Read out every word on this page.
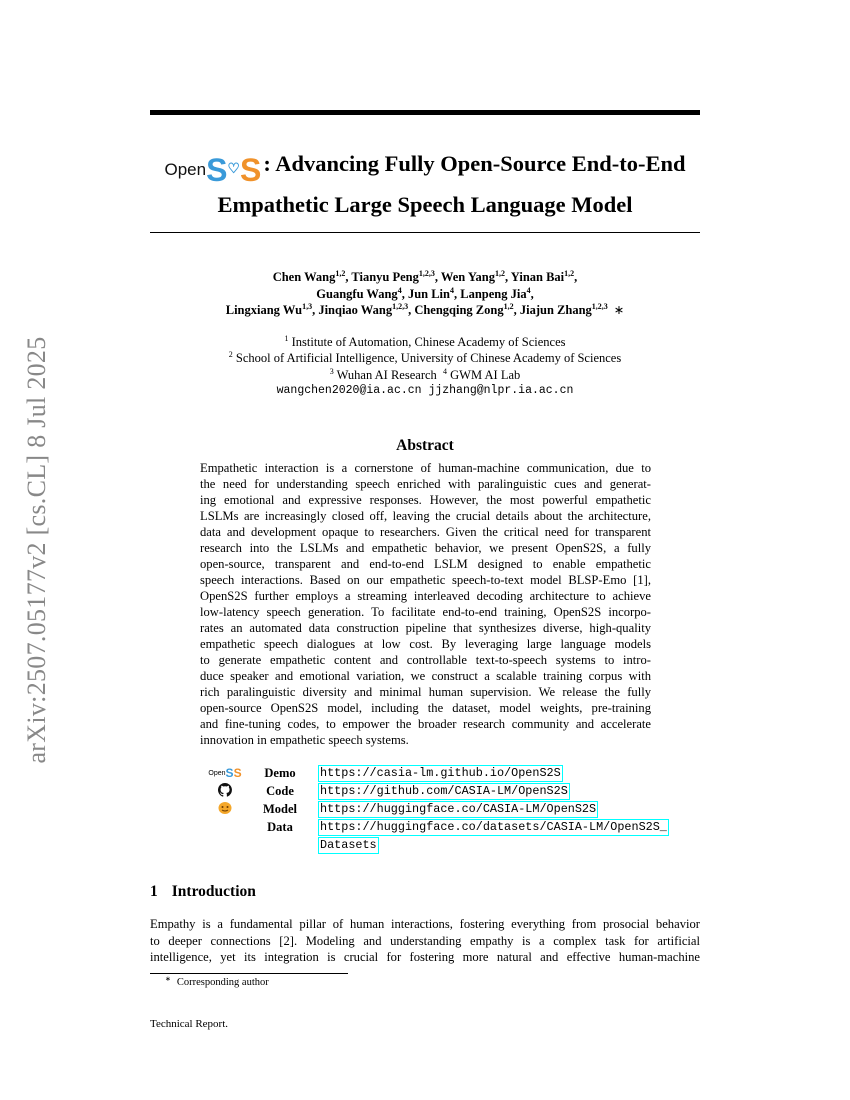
arXiv:2507.05177v2 [cs.CL] 8 Jul 2025
Open S ♡ S : Advancing Fully Open-Source End-to-End
Empathetic Large Speech Language Model
Chen Wang$^{1,2}$, Tianyu Peng$^{1,2,3}$, Wen Yang$^{1,2}$, Yinan Bai$^{1,2}$,
Guangfu Wang$^4$, Jun Lin$^4$, Lanpeng Jia$^4$,
Lingxiang Wu$^{1,3}$, Jinqiao Wang$^{1,2,3}$, Chengqing Zong$^{1,2}$, Jiajun Zhang$^{1,2,3}$ ∗
$^1$ Institute of Automation, Chinese Academy of Sciences
$^2$ School of Artificial Intelligence, University of Chinese Academy of Sciences
$^3$ Wuhan AI Research $^4$ GWM AI Lab
wangchen2020@ia.ac.cn jjzhang@nlpr.ia.ac.cn
Abstract
Empathetic interaction is a cornerstone of human-machine communication, due to
the need for understanding speech enriched with paralinguistic cues and generat-
ing emotional and expressive responses. However, the most powerful empathetic
LSLMs are increasingly closed off, leaving the crucial details about the architecture,
data and development opaque to researchers. Given the critical need for transparent
research into the LSLMs and empathetic behavior, we present OpenS2S, a fully
open-source, transparent and end-to-end LSLM designed to enable empathetic
speech interactions. Based on our empathetic speech-to-text model BLSP-Emo [1],
OpenS2S further employs a streaming interleaved decoding architecture to achieve
low-latency speech generation. To facilitate end-to-end training, OpenS2S incorpo-
rates an automated data construction pipeline that synthesizes diverse, high-quality
empathetic speech dialogues at low cost. By leveraging large language models
to generate empathetic content and controllable text-to-speech systems to intro-
duce speaker and emotional variation, we construct a scalable training corpus with
rich paralinguistic diversity and minimal human supervision. We release the fully
open-source OpenS2S model, including the dataset, model weights, pre-training
and fine-tuning codes, to empower the broader research community and accelerate
innovation in empathetic speech systems.
Open S S	Demo	https://casia-lm.github.io/OpenS2S
Code	https://github.com/CASIA-LM/OpenS2S
Model	https://huggingface.co/CASIA-LM/OpenS2S
Data	https://huggingface.co/datasets/CASIA-LM/OpenS2S_
Datasets
1 Introduction
Empathy is a fundamental pillar of human interactions, fostering everything from prosocial behavior
to deeper connections [2]. Modeling and understanding empathy is a complex task for artificial
intelligence, yet its integration is crucial for fostering more natural and effective human-machine
∗ Corresponding author
Technical Report.
